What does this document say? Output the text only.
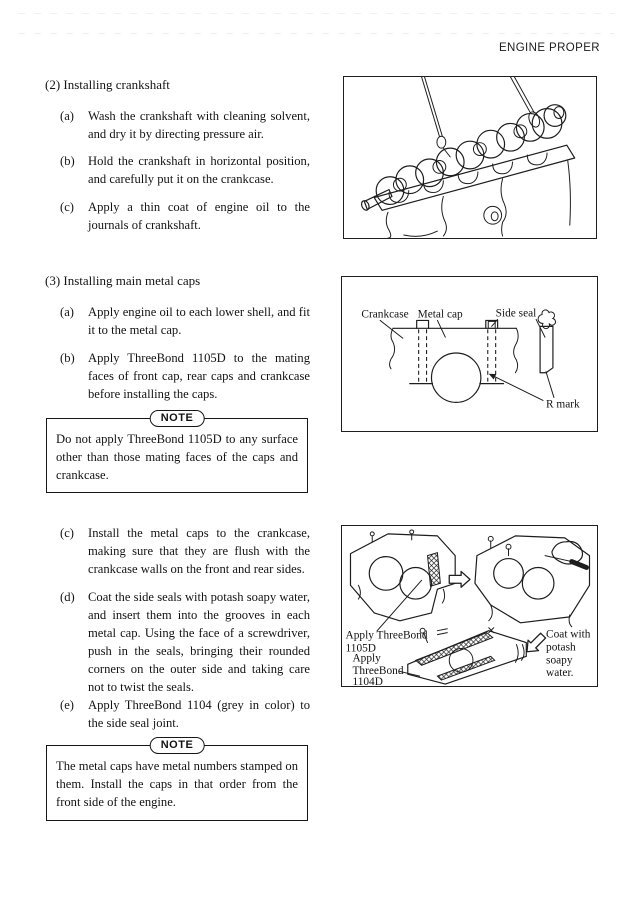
ENGINE PROPER
(2) Installing crankshaft
(a)	Wash the crankshaft with cleaning solvent, and dry it by directing pressure air.

(b)	Hold the crankshaft in horizontal position, and carefully put it on the crankcase.

(c)	Apply a thin coat of engine oil to the journals of crankshaft.

(3) Installing main metal caps
(a)	Apply engine oil to each lower shell, and fit it to the metal cap.

(b)	Apply ThreeBond 1105D to the mating faces of front cap, rear caps and crankcase before installing the caps.

NOTE

Do not apply ThreeBond 1105D to any surface other than those mating faces of the caps and crankcase.

(c)	Install the metal caps to the crankcase, making sure that they are flush with the crankcase walls on the front and rear sides.

(d)	Coat the side seals with potash soapy water, and insert them into the grooves in each metal cap. Using the face of a screwdriver, push in the seals, bringing their rounded corners on the outer side and taking care not to twist the seals.

(e)	Apply ThreeBond 1104 (grey in color) to the side seal joint.

NOTE

The metal caps have metal numbers stamped on them. Install the caps in that order from the front side of the engine.

Crankcase Metal cap	Side seal
R mark
Apply ThreeBond
1105D
Apply
ThreeBond
1104D
Coat with
potash
soapy
water.
